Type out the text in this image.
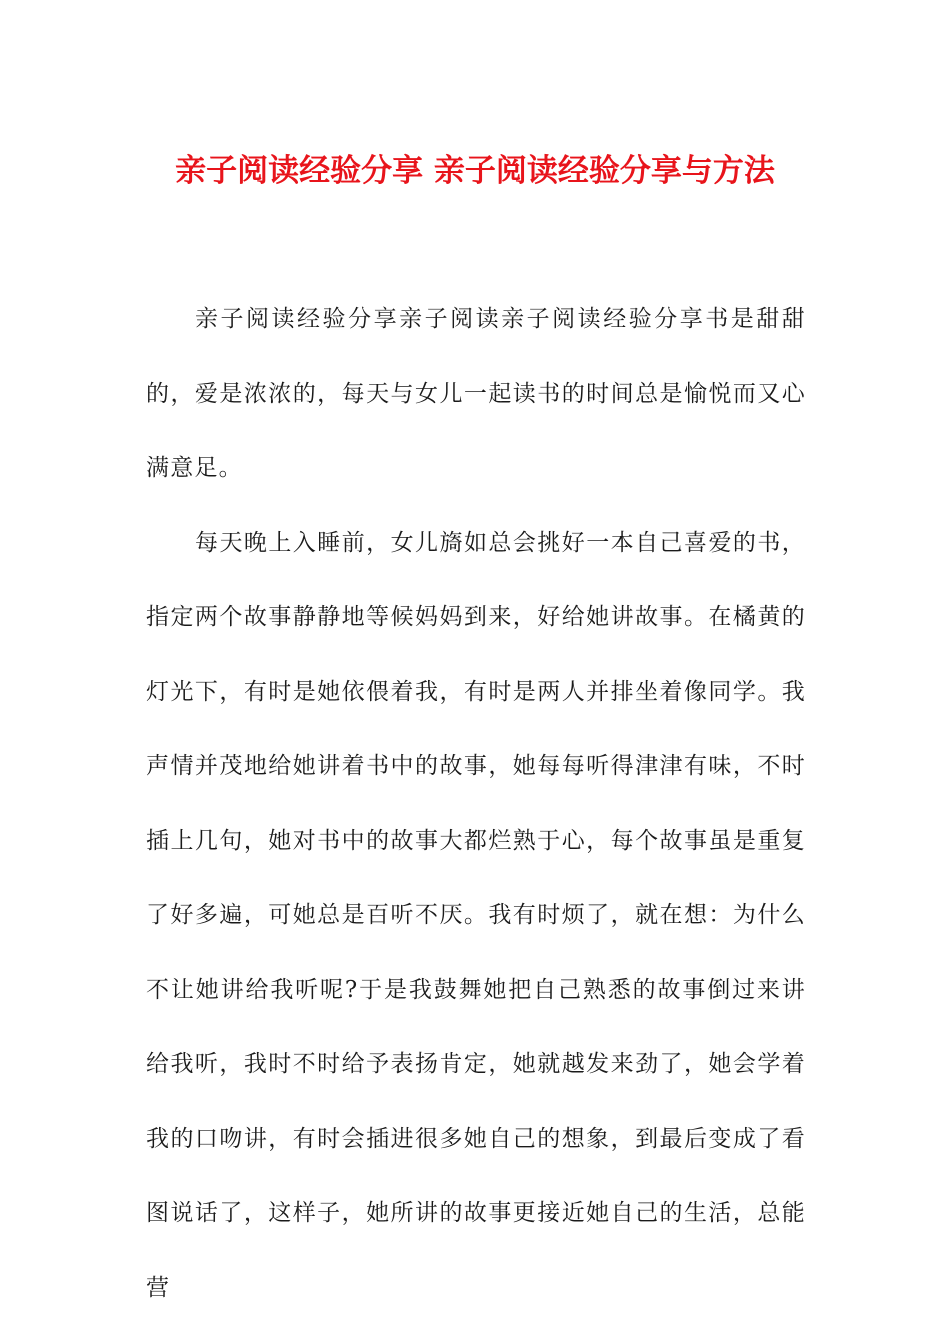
亲子阅读经验分享 亲子阅读经验分享与方法

亲子阅读经验分享亲子阅读亲子阅读经验分享书是甜甜的，爱是浓浓的，每天与女儿一起读书的时间总是愉悦而又心满意足。

每天晚上入睡前，女儿旖如总会挑好一本自己喜爱的书，指定两个故事静静地等候妈妈到来，好给她讲故事。在橘黄的灯光下，有时是她依偎着我，有时是两人并排坐着像同学。我声情并茂地给她讲着书中的故事，她每每听得津津有味，不时插上几句，她对书中的故事大都烂熟于心，每个故事虽是重复了好多遍，可她总是百听不厌。我有时烦了，就在想：为什么不让她讲给我听呢?于是我鼓舞她把自己熟悉的故事倒过来讲给我听，我时不时给予表扬肯定，她就越发来劲了，她会学着我的口吻讲，有时会插进很多她自己的想象，到最后变成了看图说话了，这样子，她所讲的故事更接近她自己的生活，总能营
